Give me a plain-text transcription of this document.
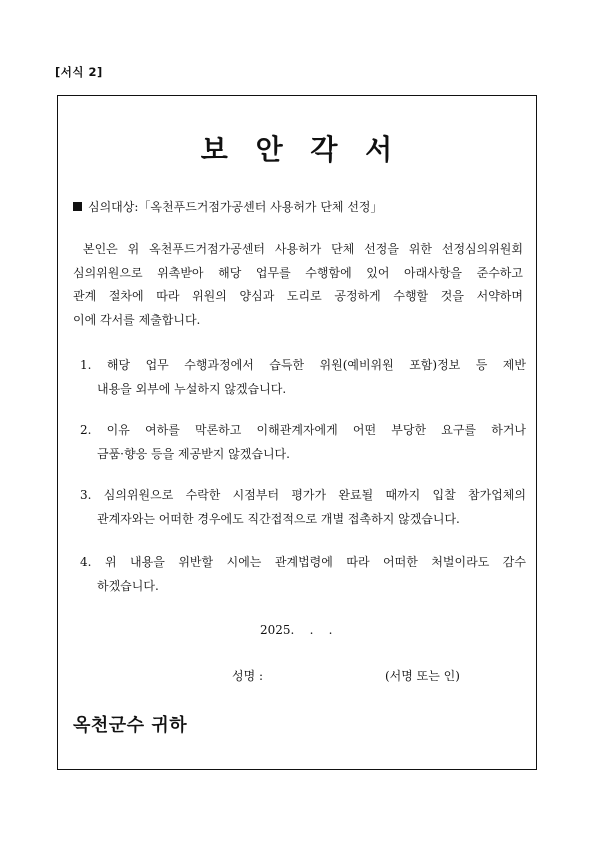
[서식 2]
보 안 각 서
심의대상:「옥천푸드거점가공센터 사용허가 단체 선정」
본인은 위 옥천푸드거점가공센터 사용허가 단체 선정을 위한 선정심의위원회
심의위원으로 위촉받아 해당 업무를 수행함에 있어 아래사항을 준수하고
관계 절차에 따라 위원의 양심과 도리로 공정하게 수행할 것을 서약하며
이에 각서를 제출합니다.
1. 해당 업무 수행과정에서 습득한 위원(예비위원 포함)정보 등 제반
내용을 외부에 누설하지 않겠습니다.
2. 이유 여하를 막론하고 이해관계자에게 어떤 부당한 요구를 하거나
금품·향응 등을 제공받지 않겠습니다.
3. 심의위원으로 수락한 시점부터 평가가 완료될 때까지 입찰 참가업체의
관계자와는 어떠한 경우에도 직간접적으로 개별 접촉하지 않겠습니다.
4. 위 내용을 위반할 시에는 관계법령에 따라 어떠한 처벌이라도 감수
하겠습니다.
2025.    .    .
성명 :	(서명 또는 인)
옥천군수 귀하
